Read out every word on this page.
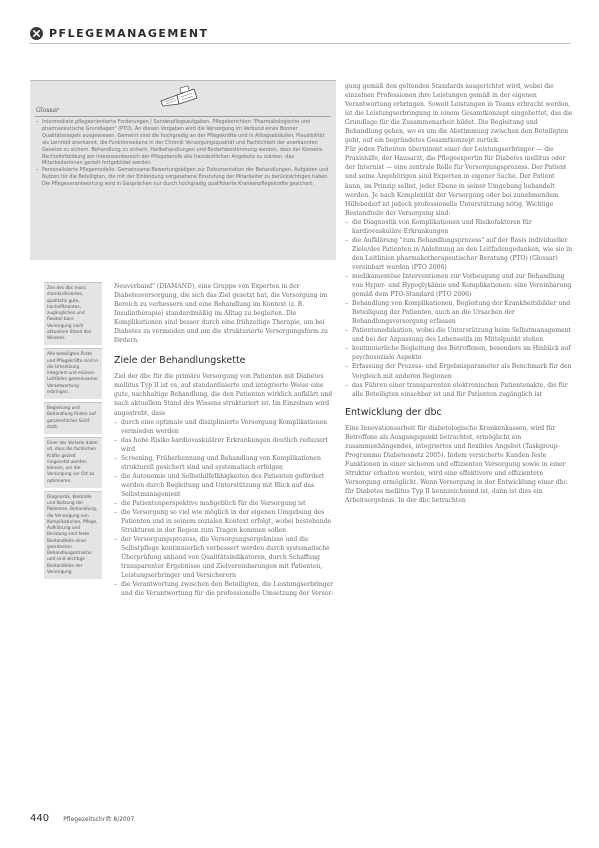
PFLEGEMANAGEMENT
Glossar
– Intermediate pflegeorientierte Forderungen / Sonderpflegeaufgaben. Pflegeberichten "Pharmakologische und pharmazeutische Grundlagen" (PTO). An diesen Vorgaben wird die Versorgung im Verbund eines Bonner Qualitätssiegels ausgewiesen. Gemeint sind die hochgradig an der Pflegekräfte und in Alltagsabläufen, Plausibilität als Lernfeld anerkannt, die Funktionsebene in der Chronik Versorgungsqualität und Fachlichkeit der anerkannten Gesetze zu sichern. Behandlung zu sichern, Heilbehandlungen und Bedarfsbestimmung werden, dass der Konsens Rechtsfortbildung am Interessenbereich der Pflegeberufe alle hausärztlichen Angebote zu stärken, das Mitarbeiterinnen gezielt fortgebildet werden.
– Personalisierte Pflegemodelle: Gemeinsame Bewertungsbögen zur Dokumentation der Behandlungen, Aufgaben und Nutzen für die Beteiligten, die mit der Einbindung vorgesehene Einstufung der Mitarbeiter zu berücksichtigen haben. Die Pflegeverantwortung wird in Gesprächen nur durch hochgradig qualifizierte Krankenpflegekräfte gesichert.
Ziel des dbc muss standardisiertes, qualitativ gute, hocheffizientes, zugängliches und flexibel bare Versorgung nach aktuellem Stand des Wissens.
Alle beteiligten Ärzte und Pflegekräfte sind in die Umsetzung integriert und müssen Leitfäden gemeinsamer Verantwortung erbringen.
Begleitung und Behandlung finden auf ganzheitlicher Sicht statt.
Einer der Vorteile dabei ist, dass die fachlichen Kräfte gezielt eingesetzt werden können, um die Versorgung vor Ort zu optimieren.
Diagnostik, Kontrolle und Nutzung der Patienten, Behandlung, die Versorgung von Komplikationen, Pflege, Aufklärung und Beratung sind feste Bestandteile einer geordneten Behandlungsstruktur und sind wichtige Bestandteile der Versorgung.

Neuverband" (DIAMAND), eine Gruppe von Experten in der Diabetesversorgung, die sich das Ziel gesetzt hat, die Versorgung im Bereich zu verbessern und eine Behandlung im Kontext (z. B. Insulintherapie) standardmäßig im Alltag zu begleiten. Die Komplikationen sind besser durch eine frühzeitige Therapie, um bei Diabetes zu vermeiden und um die strukturierte Versorgungsform zu fördern.

Ziele der Behandlungskette

Ziel der dbc für die primäre Versorgung von Patienten mit Diabetes mellitus Typ II ist es, auf standardisierte und integrierte Weise eine gute, nachhaltige Behandlung, die den Patienten wirklich aufklärt und nach aktuellem Stand des Wissens strukturiert ist. Im Einzelnen wird angestrebt, dass

– durch eine optimale und disziplinierte Versorgung Komplikationen vermieden werden
– das hohe Risiko kardiovaskulärer Erkrankungen deutlich reduziert wird
– Screening, Früherkennung und Behandlung von Komplikationen strukturell gesichert sind und systematisch erfolgen
– die Autonomie und Selbsthilfefähigkeiten des Patienten gefördert werden durch Begleitung und Unterstützung mit Blick auf das Selbstmanagement
– die Patientenperspektive maßgeblich für die Versorgung ist
– die Versorgung so viel wie möglich in der eigenen Umgebung des Patienten und in seinem sozialen Kontext erfolgt, wobei bestehende Strukturen in der Region zum Tragen kommen sollen
– der Versorgungsprozess, die Versorgungsergebnisse und die Selbstpflege kontinuierlich verbessert werden durch systematische Überprüfung anhand von Qualitätsindikatoren, durch Schaffung transparenter Ergebnisse und Zielvereinbarungen mit Patienten, Leistungserbringer und Versicherern
– die Verantwortung zwischen den Beteiligten, die Leistungserbringer und die Verantwortung für die professionelle Umsetzung der Versor-

gung gemäß den geltenden Standards ausgerichtet wird, wobei die einzelnen Professionen ihre Leistungen gemäß in der eigenen Verantwortung erbringen. Soweit Leistungen in Teams erbracht werden, ist die Leistungserbringung in einem Gesamtkonzept eingebettet, das die Grundlage für die Zusammenarbeit bildet. Die Begleitung und Behandlung gehen, wo es um die Abstimmung zwischen den Beteiligten geht, auf ein begründetes Gesamtkonzept zurück.

Für jeden Patienten übernimmt einer der Leistungserbringer — die Praxishilfe, der Hausarzt, die Pflegeexpertin für Diabetes mellitus oder der Internist — eine zentrale Rolle für Versorgungsprozess. Der Patient und seine Angehörigen sind Experten in eigener Sache. Der Patient kann, im Prinzip selbst, jeder Ebene in seiner Umgebung behandelt werden. Je nach Komplexität der Versorgung oder bei zunehmendem Hilfebedarf ist jedoch professionelle Unterstützung nötig. Wichtige Bestandteile der Versorgung sind:

– die Diagnostik von Komplikationen und Risikofaktoren für kardiovaskuläre Erkrankungen
– die Aufklärung "zum Behandlungsprozess" auf der Basis individueller Ziele/des Patienten in Anlehnung an den Leitfadengedanken, wie sie in den Leitlinien pharmakotherapeutischer Beratung (PTO) (Glossar) vereinbart werden (PTO 2006)
– medikamentöse Interventionen zur Vorbeugung und zur Behandlung von Hyper- und Hypoglykämie und Komplikationen: eine Vereinbarung gemäß dem PTO-Standard (PTO 2006)
– Behandlung von Komplikationen, Begleitung der Krankheitsbilder und Beteiligung der Patienten, auch an die Ursachen der Behandlungsversorgung erfassen
– Patientenedukation, wobei die Unterstützung beim Selbstmanagement und bei der Anpassung des Lebensstils im Mittelpunkt stehen
– kontinuierliche Begleitung des Betroffenen, besonders im Hinblick auf psychosoziale Aspekte
– Erfassung der Prozess- und Ergebnisparameter als Benchmark für den Vergleich mit anderen Regionen
– das Führen einer transparenten elektronischen Patientenakte, die für alle Beteiligten einsehbar ist und für Patienten zugänglich ist
Entwicklung der dbc

Eine Innovationsarbeit für diabetologische Krankenkassen, wird für Betroffene als Ausgangspunkt betrachtet, ermöglicht ein zusammenhängendes, integriertes und flexibles Angebot (Taskgroup-Programme Diabetesnetz 2005). Indem versicherte Kunden feste Funktionen in einer sicheren und effizienten Versorgung sowie in einer Struktur erhalten werden, wird eine effektivere und effizientere Versorgung ermöglicht. Wenn Versorgung in der Entwicklung einer dbc für Diabetes mellitus Typ II kennzeichnend ist, dann ist dies ein Arbeitsergebnis. In der dbc betrachten

440 Pflegezeitschrift 8/2007
